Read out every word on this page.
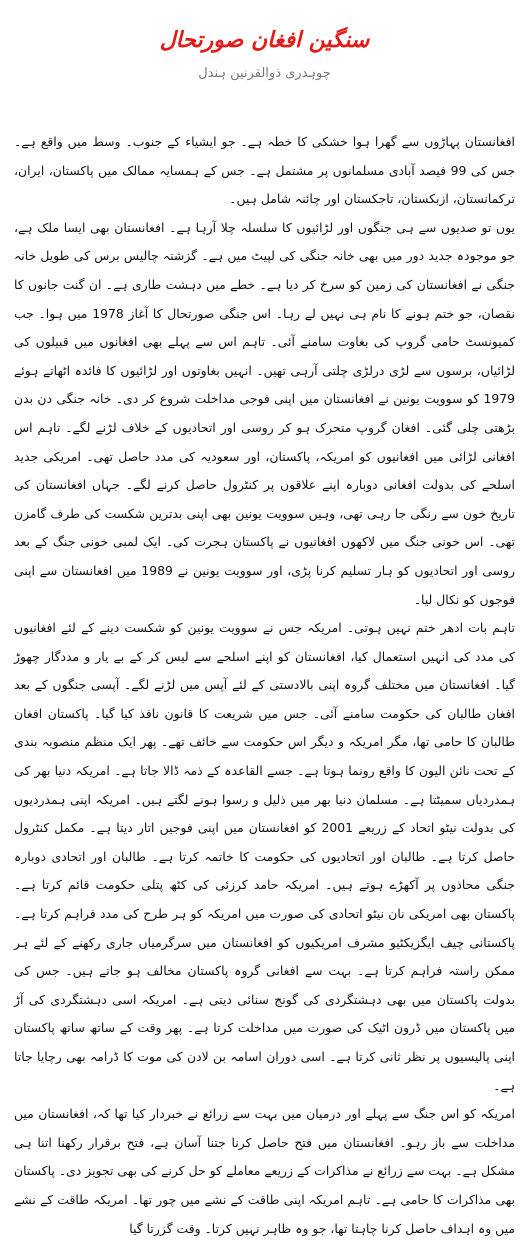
سنگین افغان صورتحال
چوہدری ذوالقرنین ہندل

افغانستان پہاڑوں سے گھرا ہوا خشکی کا خطہ ہے۔ جو ایشیاء کے جنوب۔ وسط میں واقع ہے۔ جس کی 99 فیصد آبادی مسلمانوں پر مشتمل ہے۔ جس کے ہمسایہ ممالک میں پاکستان، ایران، ترکمانستان، ازبکستان، تاجکستان اور چائنہ شامل ہیں۔

یوں تو صدیوں سے ہی جنگوں اور لڑائیوں کا سلسلہ چلا آرہا ہے۔ افغانستان بھی ایسا ملک ہے، جو موجودہ جدید دور میں بھی خانہ جنگی کی لپیٹ میں ہے۔ گزشتہ چالیس برس کی طویل خانہ جنگی نے افغانستان کی زمین کو سرخ کر دیا ہے۔ خطے میں دہشت طاری ہے۔ ان گنت جانوں کا نقصان، جو ختم ہونے کا نام ہی نہیں لے رہا۔ اس جنگی صورتحال کا آغاز 1978 میں ہوا۔ جب کمیونسٹ حامی گروپ کی بغاوت سامنے آئی۔ تاہم اس سے پہلے بھی افغانوں میں قبیلوں کی لڑائیاں، برسوں سے لڑی درلڑی چلتی آرہی تھیں۔ انہیں بغاوتوں اور لڑائیوں کا فائدہ اٹھاتے ہوئے 1979 کو سوویت یونین نے افغانستان میں اپنی فوجی مداخلت شروع کر دی۔ خانہ جنگی دن بدن بڑھتی چلی گئی۔ افغان گروپ متحرک ہو کر روسی اور اتحادیوں کے خلاف لڑنے لگے۔ تاہم اس افغانی لڑائی میں افغانیوں کو امریکہ، پاکستان، اور سعودیہ کی مدد حاصل تھی۔ امریکی جدید اسلحے کی بدولت افغانی دوبارہ اپنے علاقوں پر کنٹرول حاصل کرنے لگے۔ جہاں افغانستان کی تاریخ خون سے رنگی جا رہی تھی، وہیں سوویت یونین بھی اپنی بدترین شکست کی طرف گامزن تھی۔ اس خونی جنگ میں لاکھوں افغانیوں نے پاکستان ہجرت کی۔ ایک لمبی خونی جنگ کے بعد روسی اور اتحادیوں کو ہار تسلیم کرنا پڑی، اور سوویت یونین نے 1989 میں افغانستان سے اپنی فوجوں کو نکال لیا۔

تاہم بات ادھر ختم نہیں ہوتی۔ امریکہ جس نے سوویت یونین کو شکست دینے کے لئے افغانیوں کی مدد کی انہیں استعمال کیا، افغانستان کو اپنے اسلحے سے لیس کر کے بے یار و مددگار چھوڑ گیا۔ افغانستان میں مختلف گروہ اپنی بالادستی کے لئے آپس میں لڑنے لگے۔ آپسی جنگوں کے بعد افغان طالبان کی حکومت سامنے آئی۔ جس میں شریعت کا قانون نافذ کیا گیا۔ پاکستان افغان طالبان کا حامی تھا، مگر امریکہ و دیگر اس حکومت سے خائف تھے۔ پھر ایک منظم منصوبہ بندی کے تحت نائن الیون کا واقع رونما ہوتا ہے۔ جسے القاعدہ کے ذمہ ڈالا جاتا ہے۔ امریکہ دنیا بھر کی ہمدردیاں سمیٹتا ہے۔ مسلمان دنیا بھر میں ذلیل و رسوا ہونے لگتے ہیں۔ امریکہ اپنی ہمدردیوں کی بدولت نیٹو اتحاد کے زریعے 2001 کو افغانستان میں اپنی فوجیں اتار دیتا ہے۔ مکمل کنٹرول حاصل کرتا ہے۔ طالبان اور اتحادیوں کی حکومت کا خاتمہ کرتا ہے۔ طالبان اور اتحادی دوبارہ جنگی محاذوں پر آکھڑے ہوتے ہیں۔ امریکہ حامد کرزئی کی کٹھ پتلی حکومت قائم کرتا ہے۔ پاکستان بھی امریکی نان نیٹو اتحادی کی صورت میں امریکہ کو ہر طرح کی مدد فراہم کرتا ہے۔ پاکستانی چیف ایگزیکٹیو مشرف امریکیوں کو افغانستان میں سرگرمیاں جاری رکھنے کے لئے ہر ممکن راستہ فراہم کرتا ہے۔ بہت سے افغانی گروہ پاکستان مخالف ہو جاتے ہیں۔ جس کی بدولت پاکستان میں بھی دہشتگردی کی گونج سنائی دیتی ہے۔ امریکہ اسی دہشتگردی کی آڑ میں پاکستان میں ڈرون اٹیک کی صورت میں مداخلت کرتا ہے۔ پھر وقت کے ساتھ ساتھ پاکستان اپنی پالیسیوں پر نظر ثانی کرتا ہے۔ اسی دوران اسامہ بن لادن کی موت کا ڈرامہ بھی رچایا جاتا ہے۔

امریکہ کو اس جنگ سے پہلے اور درمیان میں بہت سے زرائع نے خبردار کیا تھا کہ، افغانستان میں مداخلت سے باز رہو۔ افغانستان میں فتح حاصل کرنا جتنا آسان ہے، فتح برقرار رکھنا اتنا ہی مشکل ہے۔ بہت سے زرائع نے مذاکرات کے زریعے معاملے کو حل کرنے کی بھی تجویز دی۔ پاکستان بھی مذاکرات کا حامی ہے۔ تاہم امریکہ اپنی طاقت کے نشے میں چور تھا۔ امریکہ طاقت کے نشے میں وہ اہداف حاصل کرنا چاہتا تھا، جو وہ ظاہر نہیں کرتا۔ وقت گزرتا گیا
